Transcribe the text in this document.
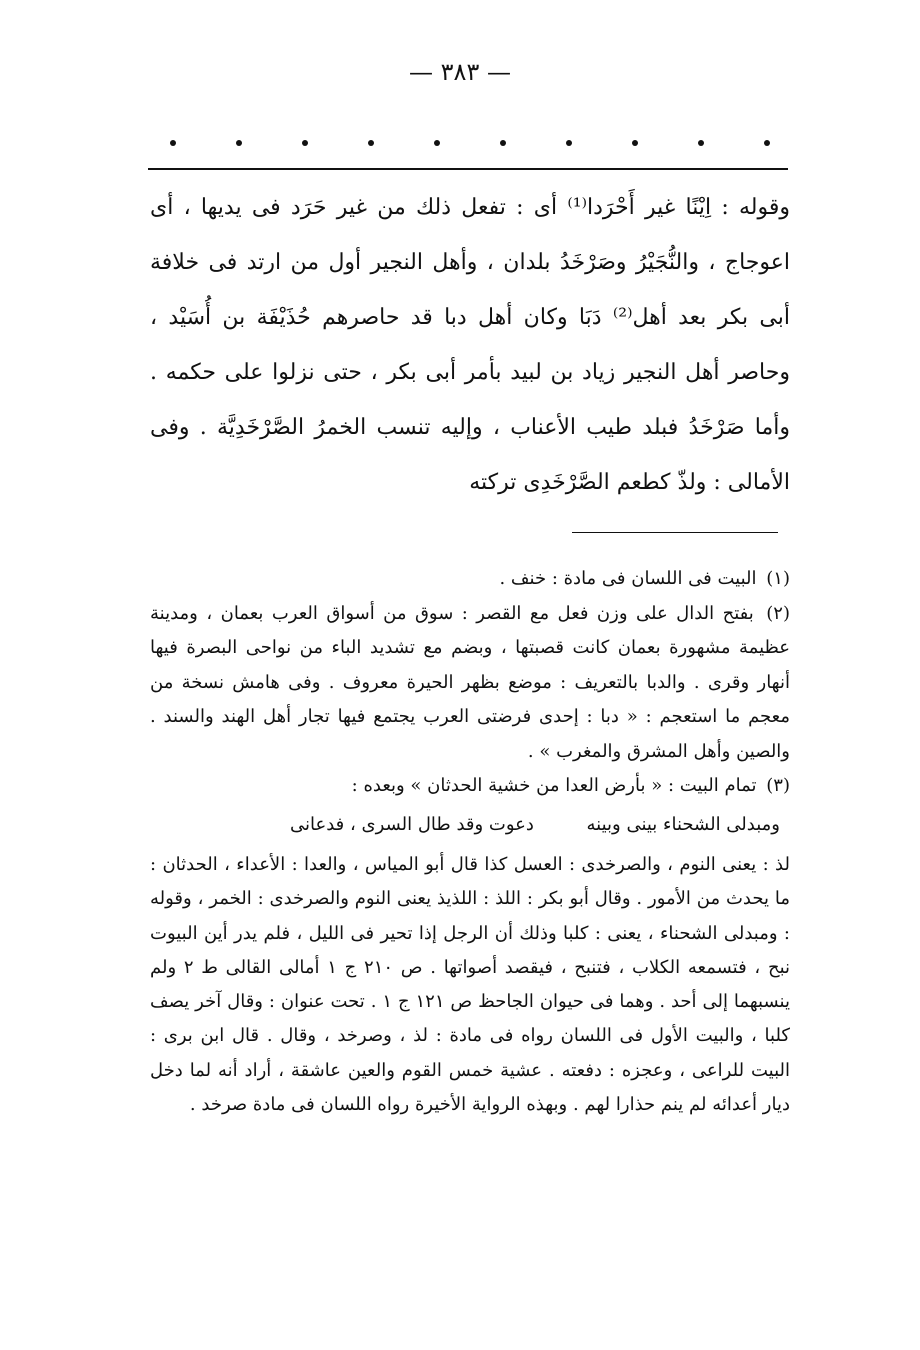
— ٣٨٣ —

وقوله : اِيْنًا غير أَحْرَدا⁽¹⁾ أى : تفعل ذلك من غير حَرَد فى يديها ، أى اعوجاج ، والنُّجَيْرُ وصَرْخَدُ بلدان ، وأهل النجير أول من ارتد فى خلافة أبى بكر بعد أهل⁽²⁾ دَبَا وكان أهل دبا قد حاصرهم حُذَيْفَة بن أُسَيْد ، وحاصر أهل النجير زياد بن لبيد بأمر أبى بكر ، حتى نزلوا على حكمه . وأما صَرْخَدُ فبلد طيب الأعناب ، وإليه تنسب الخمرُ الصَّرْخَدِيَّة . وفى الأمالى : ولذّ كطعم الصَّرْخَدِى تركته

(١) البيت فى اللسان فى مادة : خنف .

(٢) بفتح الدال على وزن فعل مع القصر : سوق من أسواق العرب بعمان ، ومدينة عظيمة مشهورة بعمان كانت قصبتها ، وبضم مع تشديد الباء من نواحى البصرة فيها أنهار وقرى . والدبا بالتعريف : موضع بظهر الحيرة معروف . وفى هامش نسخة من معجم ما استعجم : « دبا : إحدى فرضتى العرب يجتمع فيها تجار أهل الهند والسند . والصين وأهل المشرق والمغرب » .

(٣) تمام البيت : « بأرض العدا من خشية الحدثان » وبعده :

ومبدلى الشحناء بينى وبينه
دعوت وقد طال السرى ، فدعانى

لذ : يعنى النوم ، والصرخدى : العسل كذا قال أبو المياس ، والعدا : الأعداء ، الحدثان : ما يحدث من الأمور . وقال أبو بكر : اللذ : اللذيذ يعنى النوم والصرخدى : الخمر ، وقوله : ومبدلى الشحناء ، يعنى : كلبا وذلك أن الرجل إذا تحير فى الليل ، فلم يدر أين البيوت نبح ، فتسمعه الكلاب ، فتنبح ، فيقصد أصواتها . ص ٢١٠ ج ١ أمالى القالى ط ٢ ولم ينسبهما إلى أحد . وهما فى حيوان الجاحظ ص ١٢١ ج ١ . تحت عنوان : وقال آخر يصف كلبا ، والبيت الأول فى اللسان رواه فى مادة : لذ ، وصرخد ، وقال . قال ابن برى : البيت للراعى ، وعجزه : دفعته . عشية خمس القوم والعين عاشقة ، أراد أنه لما دخل ديار أعدائه لم ينم حذارا لهم . وبهذه الرواية الأخيرة رواه اللسان فى مادة صرخد .
